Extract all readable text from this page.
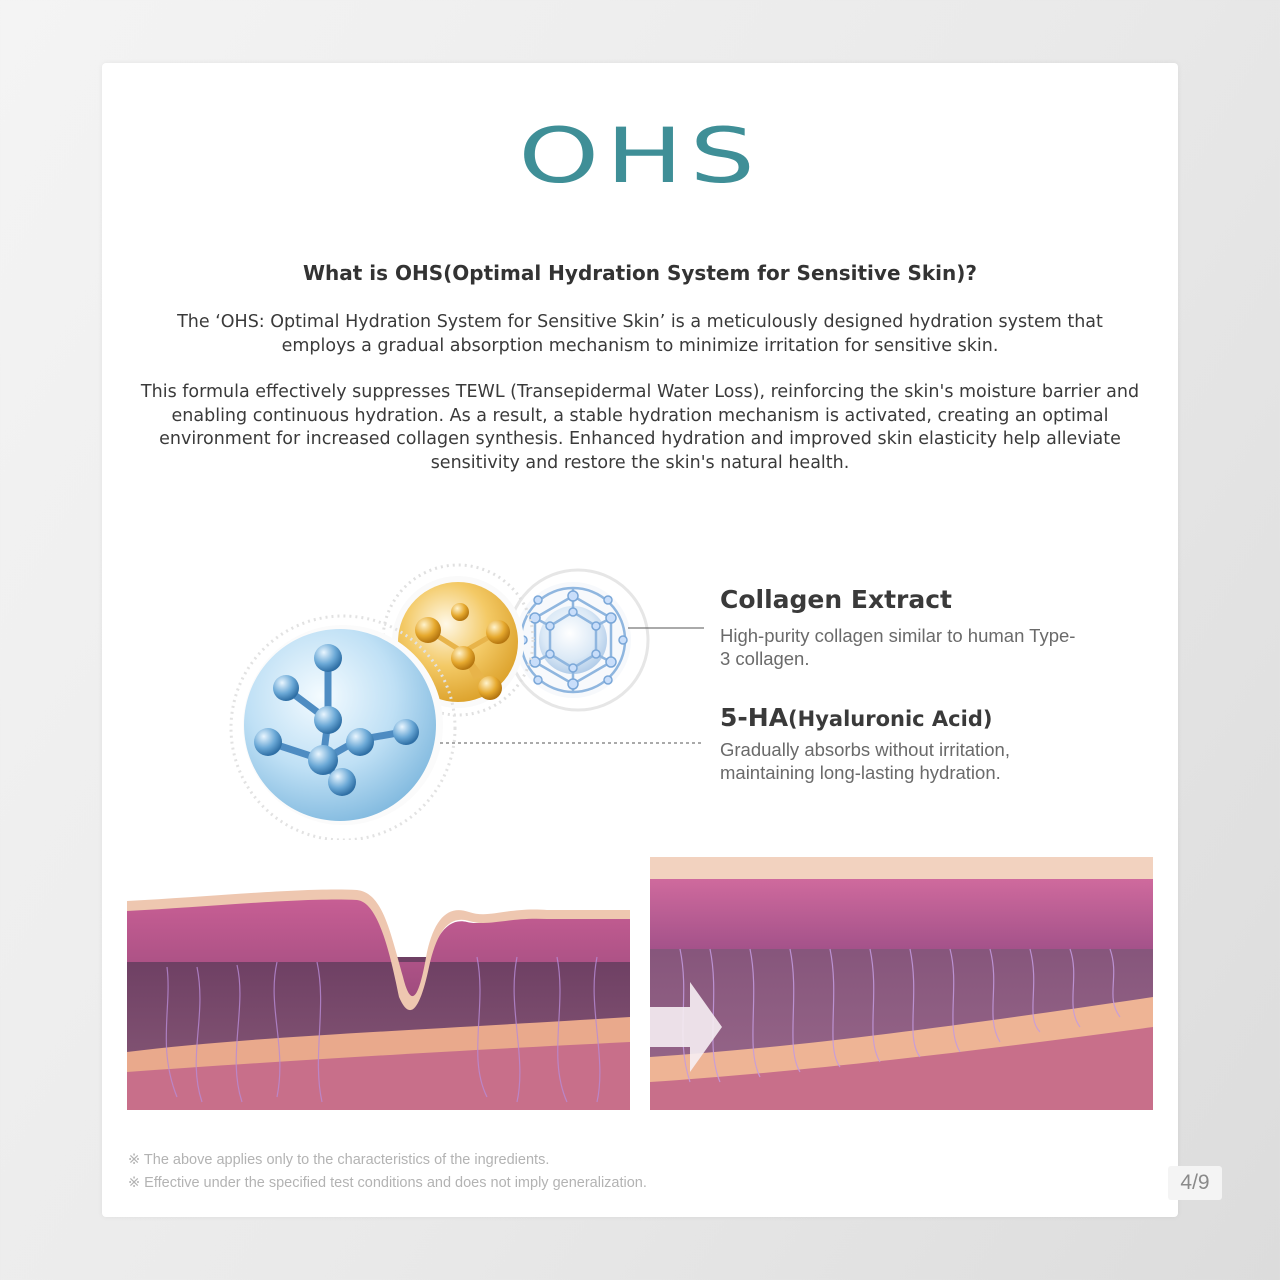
OHS
What is OHS(Optimal Hydration System for Sensitive Skin)?

The ‘OHS: Optimal Hydration System for Sensitive Skin’ is a meticulously designed hydration system that employs a gradual absorption mechanism to minimize irritation for sensitive skin.

This formula effectively suppresses TEWL (Transepidermal Water Loss), reinforcing the skin's moisture barrier and enabling continuous hydration. As a result, a stable hydration mechanism is activated, creating an optimal environment for increased collagen synthesis. Enhanced hydration and improved skin elasticity help alleviate sensitivity and restore the skin's natural health.

Collagen Extract

High-purity collagen similar to human Type-3 collagen.

5-HA(Hyaluronic Acid)

Gradually absorbs without irritation, maintaining long-lasting hydration.

※ The above applies only to the characteristics of the ingredients.

※ Effective under the specified test conditions and does not imply generalization.	4/9
